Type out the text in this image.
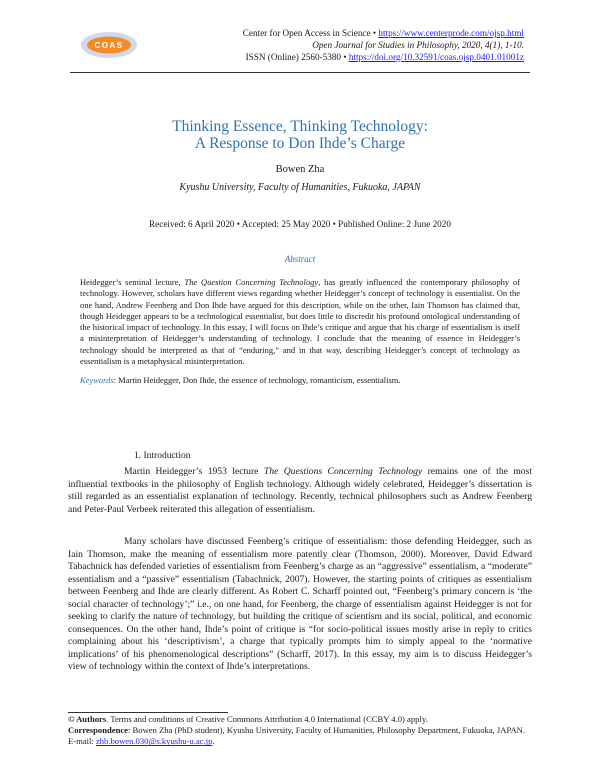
COAS
Center for Open Access in Science • https://www.centerprode.com/ojsp.html
Open Journal for Studies in Philosophy, 2020, 4(1), 1-10.
ISSN (Online) 2560-5380 • https://doi.org/10.32591/coas.ojsp.0401.01001z
Thinking Essence, Thinking Technology:
A Response to Don Ihde’s Charge
Bowen Zha
Kyushu University, Faculty of Humanities, Fukuoka, JAPAN
Received: 6 April 2020 • Accepted: 25 May 2020 • Published Online: 2 June 2020
Abstract
Heidegger’s seminal lecture, The Question Concerning Technology, has greatly influenced the contemporary philosophy of technology. However, scholars have different views regarding whether Heidegger’s concept of technology is essentialist. On the one hand, Andrew Feenberg and Don Ihde have argued for this description, while on the other, Iain Thomson has claimed that, though Heidegger appears to be a technological essentialist, but does little to discredit his profound ontological understanding of the historical impact of technology. In this essay, I will focus on Ihde’s critique and argue that his charge of essentialism is itself a misinterpretation of Heidegger’s understanding of technology. I conclude that the meaning of essence in Heidegger’s technology should be interpreted as that of “enduring,” and in that way, describing Heidegger’s concept of technology as essentialism is a metaphysical misinterpretation.
Keywords: Martin Heidegger, Don Ihde, the essence of technology, romanticism, essentialism.
1. Introduction

Martin Heidegger’s 1953 lecture The Questions Concerning Technology remains one of the most influential textbooks in the philosophy of English technology. Although widely celebrated, Heidegger’s dissertation is still regarded as an essentialist explanation of technology. Recently, technical philosophers such as Andrew Feenberg and Peter-Paul Verbeek reiterated this allegation of essentialism.

Many scholars have discussed Feenberg’s critique of essentialism: those defending Heidegger, such as Iain Thomson, make the meaning of essentialism more patently clear (Thomson, 2000). Moreover, David Edward Tabachnick has defended varieties of essentialism from Feenberg’s charge as an “aggressive” essentialism, a “moderate” essentialism and a “passive” essentialism (Tabachnick, 2007). However, the starting points of critiques as essentialism between Feenberg and Ihde are clearly different. As Robert C. Scharff pointed out, “Feenberg’s primary concern is ‘the social character of technology’;” i.e., on one hand, for Feenberg, the charge of essentialism against Heidegger is not for seeking to clarify the nature of technology, but building the critique of scientism and its social, political, and economic consequences. On the other hand, Ihde’s point of critique is “for socio-political issues mostly arise in reply to critics complaining about his ‘descriptivism’, a charge that typically prompts him to simply appeal to the ‘normative implications’ of his phenomenological descriptions” (Scharff, 2017). In this essay, my aim is to discuss Heidegger’s view of technology within the context of Ihde’s interpretations.

© Authors. Terms and conditions of Creative Commons Attribution 4.0 International (CCBY 4.0) apply.
Correspondence: Bowen Zha (PhD student), Kyushu University, Faculty of Humanities, Philosophy Department, Fukuoka, JAPAN. E-mail: zhb.bowen.030@s.kyushu-u.ac.jp.
